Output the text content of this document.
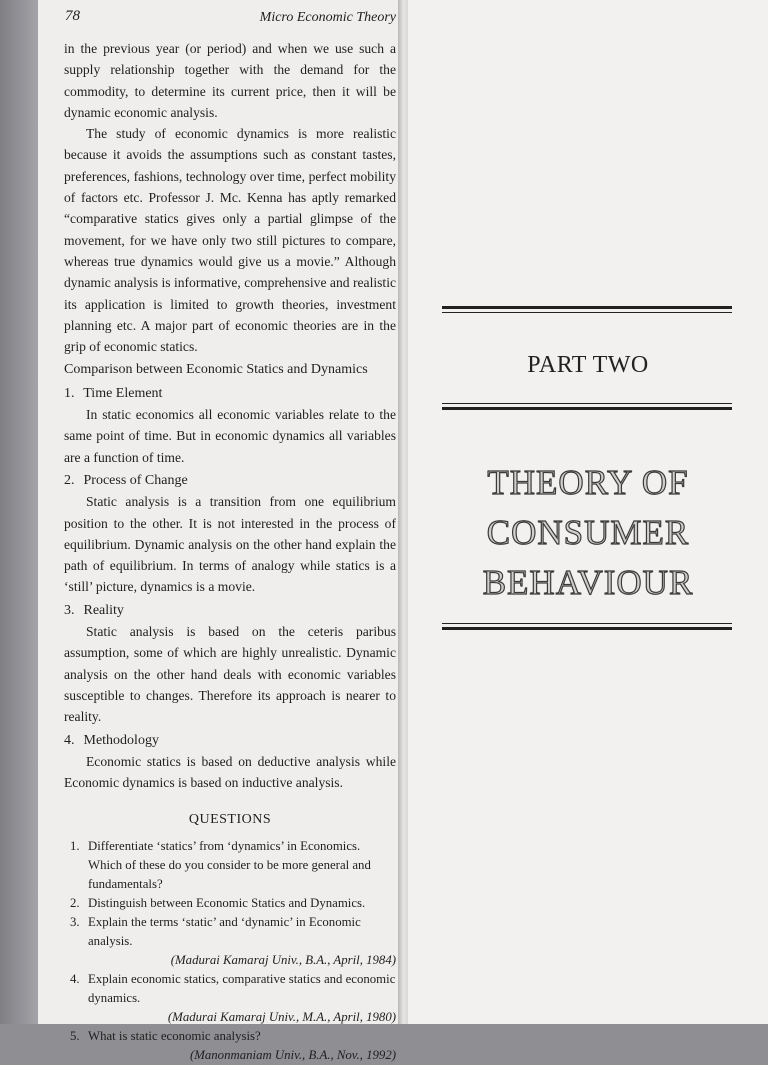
78	Micro Economic Theory

in the previous year (or period) and when we use such a supply relationship together with the demand for the commodity, to determine its current price, then it will be dynamic economic analysis.

The study of economic dynamics is more realistic because it avoids the assumptions such as constant tastes, preferences, fashions, technology over time, perfect mobility of factors etc. Professor J. Mc. Kenna has aptly remarked “comparative statics gives only a partial glimpse of the movement, for we have only two still pictures to compare, whereas true dynamics would give us a movie.” Although dynamic analysis is informative, comprehensive and realistic its application is limited to growth theories, investment planning etc. A major part of economic theories are in the grip of economic statics.

Comparison between Economic Statics and Dynamics
1. Time Element

In static economics all economic variables relate to the same point of time. But in economic dynamics all variables are a function of time.

2. Process of Change

Static analysis is a transition from one equilibrium position to the other. It is not interested in the process of equilibrium. Dynamic analysis on the other hand explain the path of equilibrium. In terms of analogy while statics is a ‘still’ picture, dynamics is a movie.

3. Reality

Static analysis is based on the ceteris paribus assumption, some of which are highly unrealistic. Dynamic analysis on the other hand deals with economic variables susceptible to changes. Therefore its approach is nearer to reality.

4. Methodology

Economic statics is based on deductive analysis while Economic dynamics is based on inductive analysis.

QUESTIONS
1. Differentiate ‘statics’ from ‘dynamics’ in Economics. Which of these do you consider to be more general and fundamentals?
2. Distinguish between Economic Statics and Dynamics.
3. Explain the terms ‘static’ and ‘dynamic’ in Economic analysis.
(Madurai Kamaraj Univ., B.A., April, 1984)
4. Explain economic statics, comparative statics and economic dynamics.
(Madurai Kamaraj Univ., M.A., April, 1980)
5. What is static economic analysis?
(Manonmaniam Univ., B.A., Nov., 1992)
PART TWO
THEORY OF
CONSUMER
BEHAVIOUR
